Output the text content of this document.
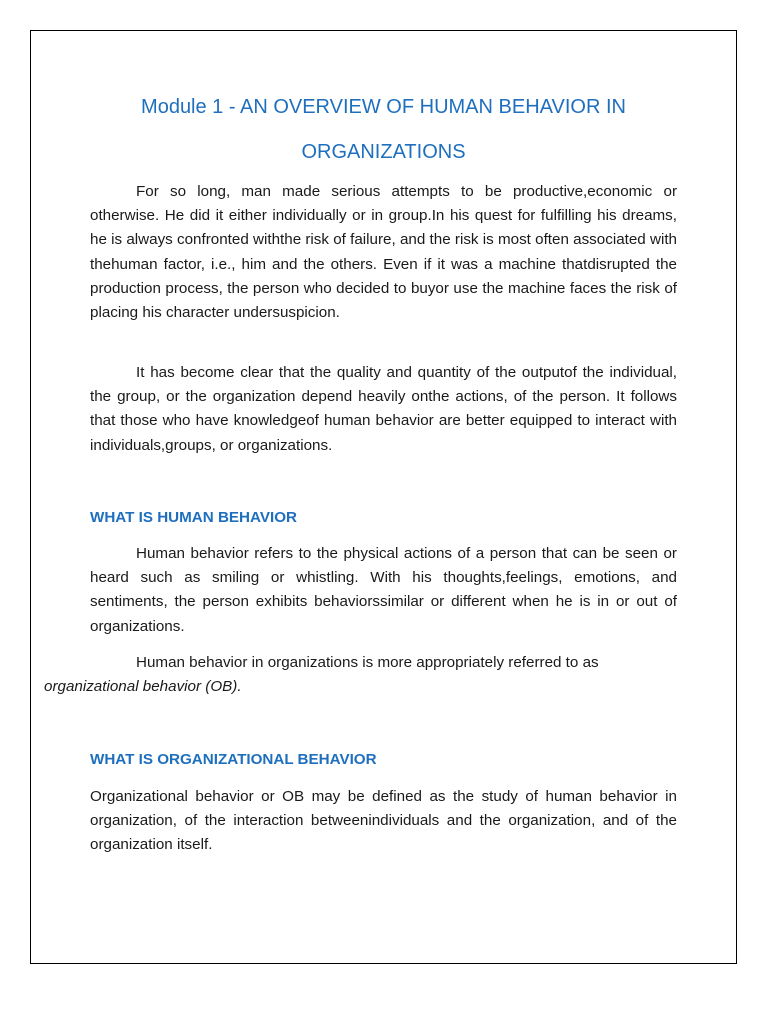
Module 1 - AN OVERVIEW OF HUMAN BEHAVIOR IN
ORGANIZATIONS

For so long, man made serious attempts to be productive,economic or otherwise. He did it either individually or in group.In his quest for fulfilling his dreams, he is always confronted withthe risk of failure, and the risk is most often associated with thehuman factor, i.e., him and the others. Even if it was a machine thatdisrupted the production process, the person who decided to buyor use the machine faces the risk of placing his character undersuspicion.

It has become clear that the quality and quantity of the outputof the individual, the group, or the organization depend heavily onthe actions, of the person. It follows that those who have knowledgeof human behavior are better equipped to interact with individuals,groups, or organizations.

WHAT IS HUMAN BEHAVIOR

Human behavior refers to the physical actions of a person that can be seen or heard such as smiling or whistling. With his thoughts,feelings, emotions, and sentiments, the person exhibits behaviorssimilar or different when he is in or out of organizations.

Human behavior in organizations is more appropriately referred to as
organizational behavior (OB).

WHAT IS ORGANIZATIONAL BEHAVIOR

Organizational behavior or OB may be defined as the study of human behavior in organization, of the interaction betweenindividuals and the organization, and of the organization itself.
